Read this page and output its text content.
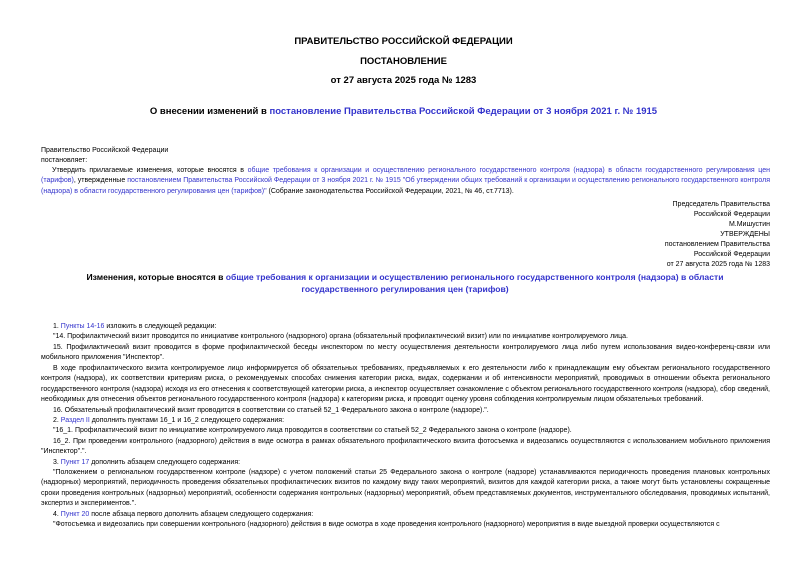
ПРАВИТЕЛЬСТВО РОССИЙСКОЙ ФЕДЕРАЦИИ
ПОСТАНОВЛЕНИЕ
от 27 августа 2025 года № 1283
О внесении изменений в постановление Правительства Российской Федерации от 3 ноября 2021 г. № 1915
Правительство Российской Федерации
постановляет:
Утвердить прилагаемые изменения, которые вносятся в общие требования к организации и осуществлению регионального государственного контроля (надзора) в области государственного регулирования цен (тарифов), утвержденные постановлением Правительства Российской Федерации от 3 ноября 2021 г. № 1915 "Об утверждении общих требований к организации и осуществлению регионального государственного контроля (надзора) в области государственного регулирования цен (тарифов)" (Собрание законодательства Российской Федерации, 2021, № 46, ст.7713).
Председатель Правительства
Российской Федерации
М.Мишустин
УТВЕРЖДЕНЫ
постановлением Правительства
Российской Федерации
от 27 августа 2025 года № 1283
Изменения, которые вносятся в общие требования к организации и осуществлению регионального государственного контроля (надзора) в области государственного регулирования цен (тарифов)
1. Пункты 14-16 изложить в следующей редакции:
"14. Профилактический визит проводится по инициативе контрольного (надзорного) органа (обязательный профилактический визит) или по инициативе контролируемого лица.
15. Профилактический визит проводится в форме профилактической беседы инспектором по месту осуществления деятельности контролируемого лица либо путем использования видео-конференц-связи или мобильного приложения "Инспектор".
В ходе профилактического визита контролируемое лицо информируется об обязательных требованиях, предъявляемых к его деятельности либо к принадлежащим ему объектам регионального государственного контроля (надзора), их соответствии критериям риска, о рекомендуемых способах снижения категории риска, видах, содержании и об интенсивности мероприятий, проводимых в отношении объекта регионального государственного контроля (надзора) исходя из его отнесения к соответствующей категории риска, а инспектор осуществляет ознакомление с объектом регионального государственного контроля (надзора), сбор сведений, необходимых для отнесения объектов регионального государственного контроля (надзора) к категориям риска, и проводит оценку уровня соблюдения контролируемым лицом обязательных требований.
16. Обязательный профилактический визит проводится в соответствии со статьей 52_1 Федерального закона о контроле (надзоре).".
2. Раздел II дополнить пунктами 16_1 и 16_2 следующего содержания:
"16_1. Профилактический визит по инициативе контролируемого лица проводится в соответствии со статьей 52_2 Федерального закона о контроле (надзоре).
16_2. При проведении контрольного (надзорного) действия в виде осмотра в рамках обязательного профилактического визита фотосъемка и видеозапись осуществляются с использованием мобильного приложения "Инспектор".".
3. Пункт 17 дополнить абзацем следующего содержания:
"Положением о региональном государственном контроле (надзоре) с учетом положений статьи 25 Федерального закона о контроле (надзоре) устанавливаются периодичность проведения плановых контрольных (надзорных) мероприятий, периодичность проведения обязательных профилактических визитов по каждому виду таких мероприятий, визитов для каждой категории риска, а также могут быть установлены сокращенные сроки проведения контрольных (надзорных) мероприятий, особенности содержания контрольных (надзорных) мероприятий, объем представляемых документов, инструментального обследования, проводимых испытаний, экспертиз и экспериментов.".
4. Пункт 20 после абзаца первого дополнить абзацем следующего содержания:
"Фотосъемка и видеозапись при совершении контрольного (надзорного) действия в виде осмотра в ходе проведения контрольного (надзорного) мероприятия в виде выездной проверки осуществляются с
